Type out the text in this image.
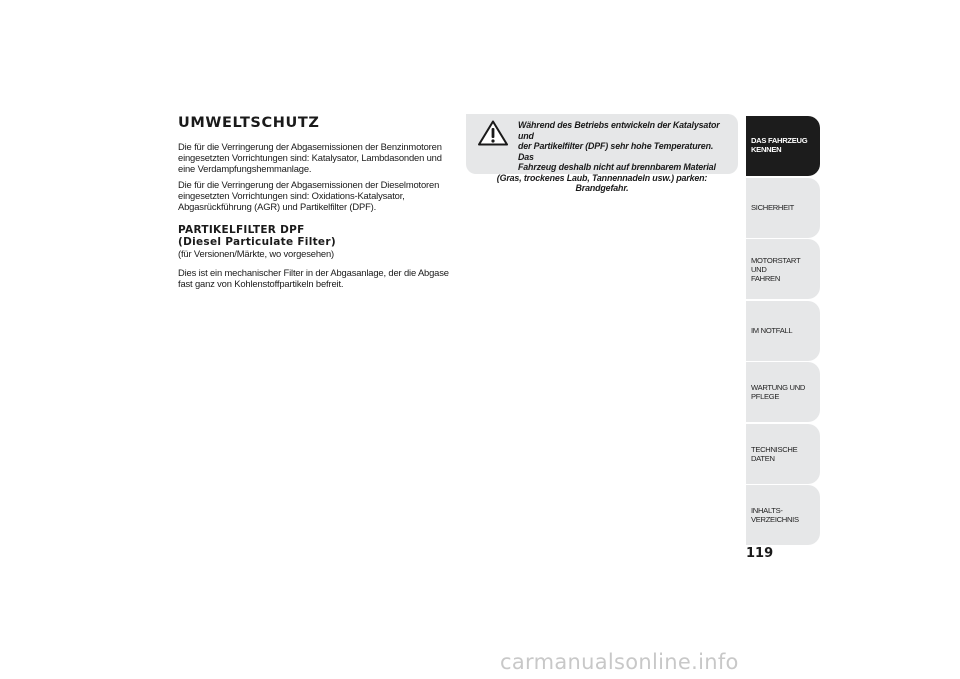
UMWELTSCHUTZ

Die für die Verringerung der Abgasemissionen der Benzinmotoren eingesetzten Vorrichtungen sind: Katalysator, Lambdasonden und eine Verdampfungshemmanlage.

Die für die Verringerung der Abgasemissionen der Dieselmotoren eingesetzten Vorrichtungen sind: Oxidations-Katalysator, Abgasrückführung (AGR) und Partikelfilter (DPF).

PARTIKELFILTER DPF
(Diesel Particulate Filter)

(für Versionen/Märkte, wo vorgesehen)

Dies ist ein mechanischer Filter in der Abgasanlage, der die Abgase fast ganz von Kohlenstoffpartikeln befreit.

Während des Betriebs entwickeln der Katalysator und
der Partikelfilter (DPF) sehr hohe Temperaturen. Das
Fahrzeug deshalb nicht auf brennbarem Material
(Gras, trockenes Laub, Tannennadeln usw.) parken: Brandgefahr.
DAS FAHRZEUG
KENNEN
SICHERHEIT
MOTORSTART UND
FAHREN
IM NOTFALL
WARTUNG UND
PFLEGE
TECHNISCHE DATEN
INHALTS-
VERZEICHNIS
119
carmanualsonline.info
